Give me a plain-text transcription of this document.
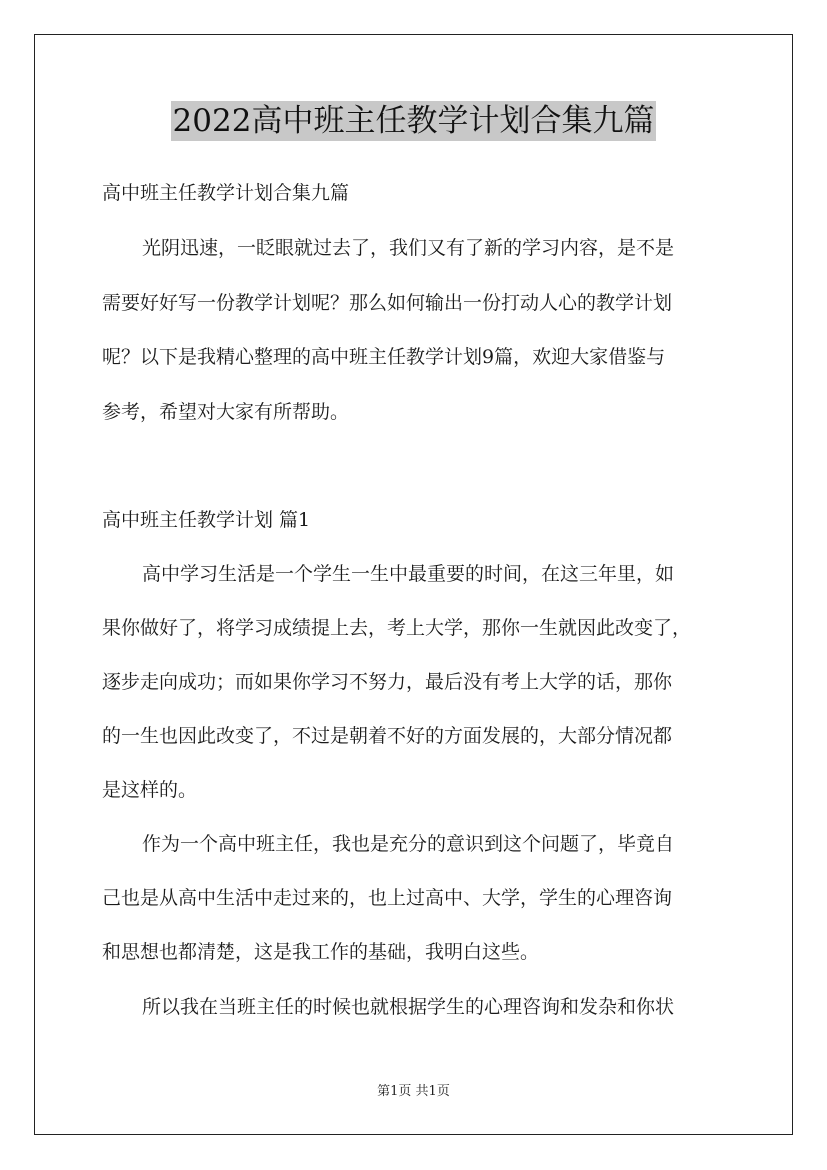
2022高中班主任教学计划合集九篇
高中班主任教学计划合集九篇
光阴迅速，一眨眼就过去了，我们又有了新的学习内容，是不是
需要好好写一份教学计划呢？那么如何输出一份打动人心的教学计划
呢？以下是我精心整理的高中班主任教学计划9篇，欢迎大家借鉴与
参考，希望对大家有所帮助。
高中班主任教学计划 篇1
高中学习生活是一个学生一生中最重要的时间，在这三年里，如
果你做好了，将学习成绩提上去，考上大学，那你一生就因此改变了，
逐步走向成功；而如果你学习不努力，最后没有考上大学的话，那你
的一生也因此改变了，不过是朝着不好的方面发展的，大部分情况都
是这样的。
作为一个高中班主任，我也是充分的意识到这个问题了，毕竟自
己也是从高中生活中走过来的，也上过高中、大学，学生的心理咨询
和思想也都清楚，这是我工作的基础，我明白这些。
所以我在当班主任的时候也就根据学生的心理咨询和发杂和你状
第1页 共1页
